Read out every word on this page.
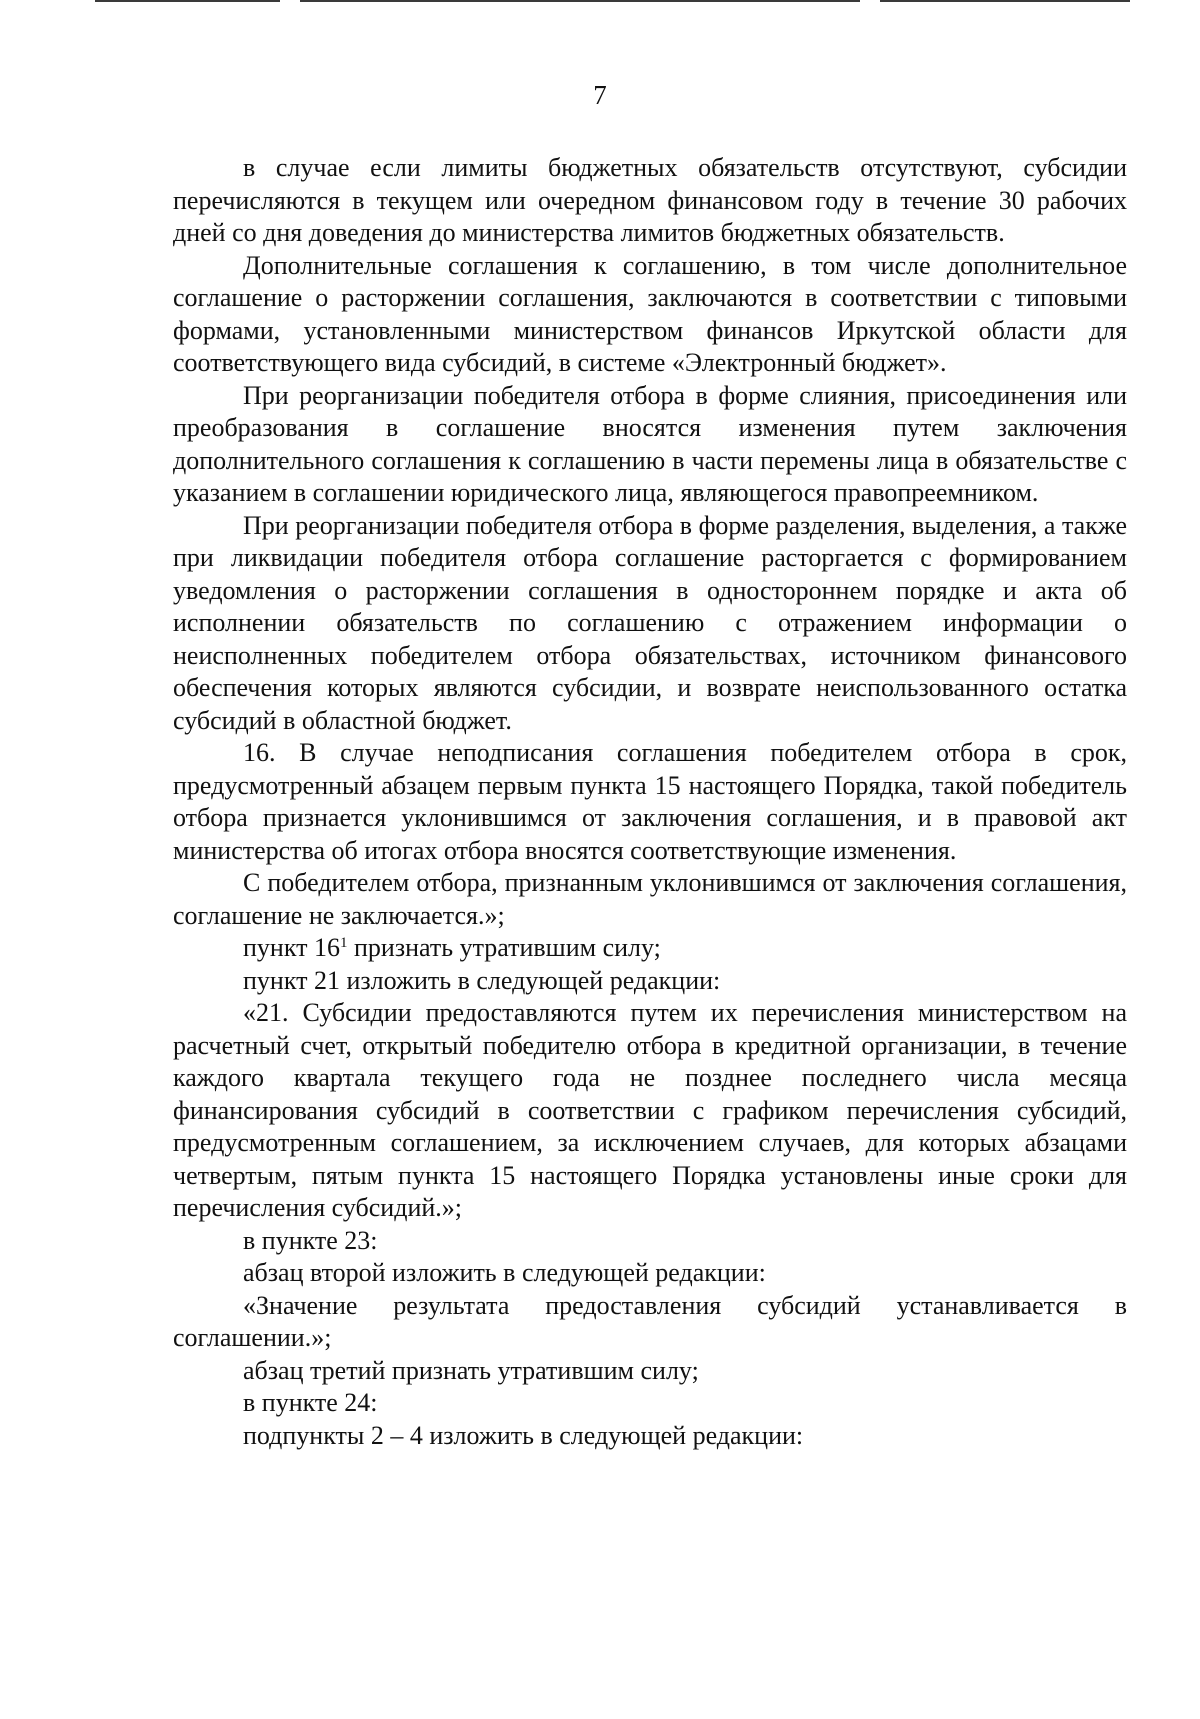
7

в случае если лимиты бюджетных обязательств отсутствуют, субсидии перечисляются в текущем или очередном финансовом году в течение 30 рабочих дней со дня доведения до министерства лимитов бюджетных обязательств.

Дополнительные соглашения к соглашению, в том числе дополнительное соглашение о расторжении соглашения, заключаются в соответствии с типовыми формами, установленными министерством финансов Иркутской области для соответствующего вида субсидий, в системе «Электронный бюджет».

При реорганизации победителя отбора в форме слияния, присоединения или преобразования в соглашение вносятся изменения путем заключения дополнительного соглашения к соглашению в части перемены лица в обязательстве с указанием в соглашении юридического лица, являющегося правопреемником.

При реорганизации победителя отбора в форме разделения, выделения, а также при ликвидации победителя отбора соглашение расторгается с формированием уведомления о расторжении соглашения в одностороннем порядке и акта об исполнении обязательств по соглашению с отражением информации о неисполненных победителем отбора обязательствах, источником финансового обеспечения которых являются субсидии, и возврате неиспользованного остатка субсидий в областной бюджет.

16. В случае неподписания соглашения победителем отбора в срок, предусмотренный абзацем первым пункта 15 настоящего Порядка, такой победитель отбора признается уклонившимся от заключения соглашения, и в правовой акт министерства об итогах отбора вносятся соответствующие изменения.

С победителем отбора, признанным уклонившимся от заключения соглашения, соглашение не заключается.»;

пункт $16^1$ признать утратившим силу;

пункт 21 изложить в следующей редакции:

«21. Субсидии предоставляются путем их перечисления министерством на расчетный счет, открытый победителю отбора в кредитной организации, в течение каждого квартала текущего года не позднее последнего числа месяца финансирования субсидий в соответствии с графиком перечисления субсидий, предусмотренным соглашением, за исключением случаев, для которых абзацами четвертым, пятым пункта 15 настоящего Порядка установлены иные сроки для перечисления субсидий.»;

в пункте 23:

абзац второй изложить в следующей редакции:

«Значение результата предоставления субсидий устанавливается в соглашении.»;

абзац третий признать утратившим силу;

в пункте 24:

подпункты 2 – 4 изложить в следующей редакции:
